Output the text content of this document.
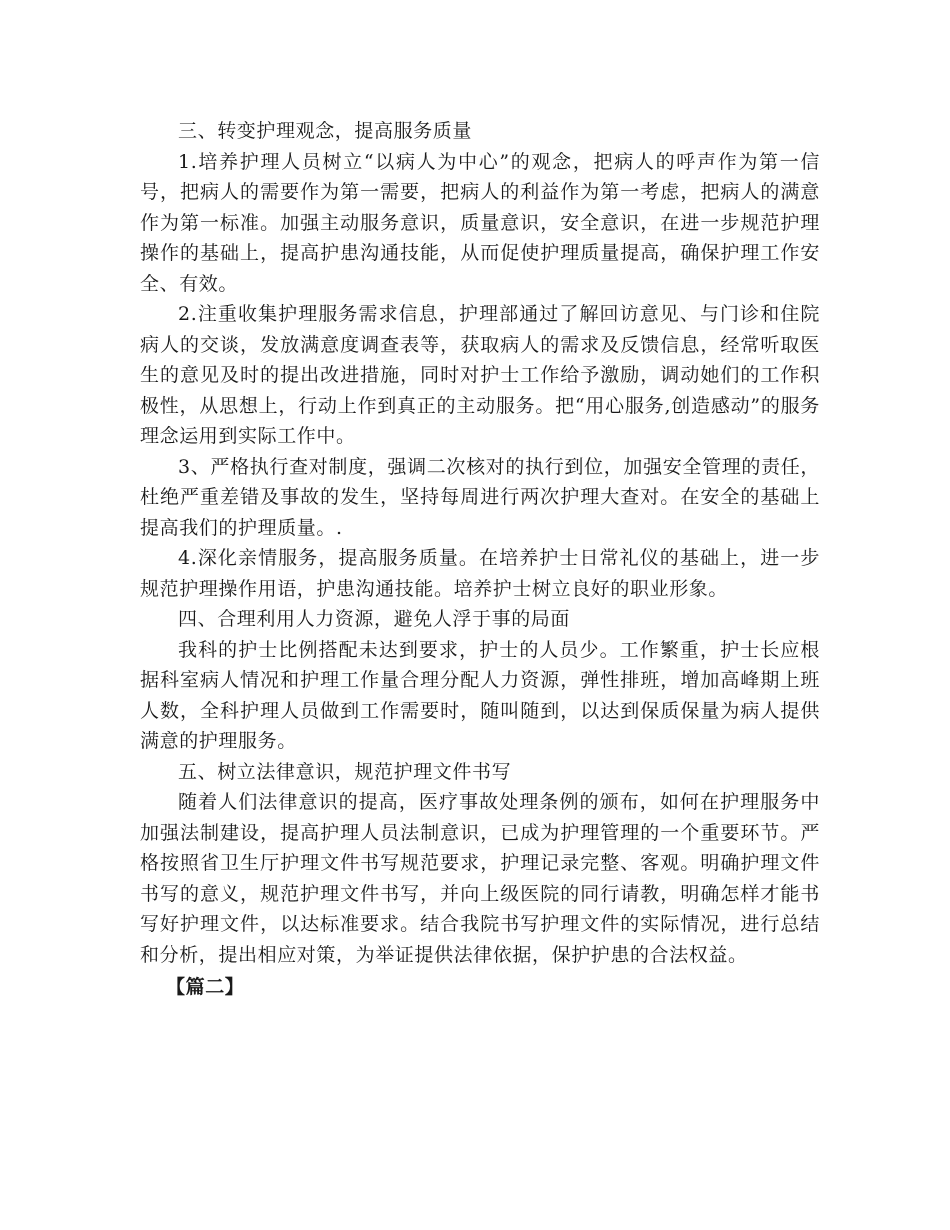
三、转变护理观念，提高服务质量

1.培养护理人员树立“以病人为中心”的观念，把病人的呼声作为第一信号，把病人的需要作为第一需要，把病人的利益作为第一考虑，把病人的满意作为第一标准。加强主动服务意识，质量意识，安全意识，在进一步规范护理操作的基础上，提高护患沟通技能，从而促使护理质量提高，确保护理工作安全、有效。

2.注重收集护理服务需求信息，护理部通过了解回访意见、与门诊和住院病人的交谈，发放满意度调查表等，获取病人的需求及反馈信息，经常听取医生的意见及时的提出改进措施，同时对护士工作给予激励，调动她们的工作积极性，从思想上，行动上作到真正的主动服务。把“用心服务,创造感动”的服务理念运用到实际工作中。

3、严格执行查对制度，强调二次核对的执行到位，加强安全管理的责任，杜绝严重差错及事故的发生，坚持每周进行两次护理大查对。在安全的基础上提高我们的护理质量。.

4.深化亲情服务，提高服务质量。在培养护士日常礼仪的基础上，进一步规范护理操作用语，护患沟通技能。培养护士树立良好的职业形象。

四、合理利用人力资源，避免人浮于事的局面

我科的护士比例搭配未达到要求，护士的人员少。工作繁重，护士长应根据科室病人情况和护理工作量合理分配人力资源，弹性排班，增加高峰期上班人数，全科护理人员做到工作需要时，随叫随到，以达到保质保量为病人提供满意的护理服务。

五、树立法律意识，规范护理文件书写

随着人们法律意识的提高，医疗事故处理条例的颁布，如何在护理服务中加强法制建设，提高护理人员法制意识，已成为护理管理的一个重要环节。严格按照省卫生厅护理文件书写规范要求，护理记录完整、客观。明确护理文件书写的意义，规范护理文件书写，并向上级医院的同行请教，明确怎样才能书写好护理文件，以达标准要求。结合我院书写护理文件的实际情况，进行总结和分析，提出相应对策，为举证提供法律依据，保护护患的合法权益。

【篇二】
